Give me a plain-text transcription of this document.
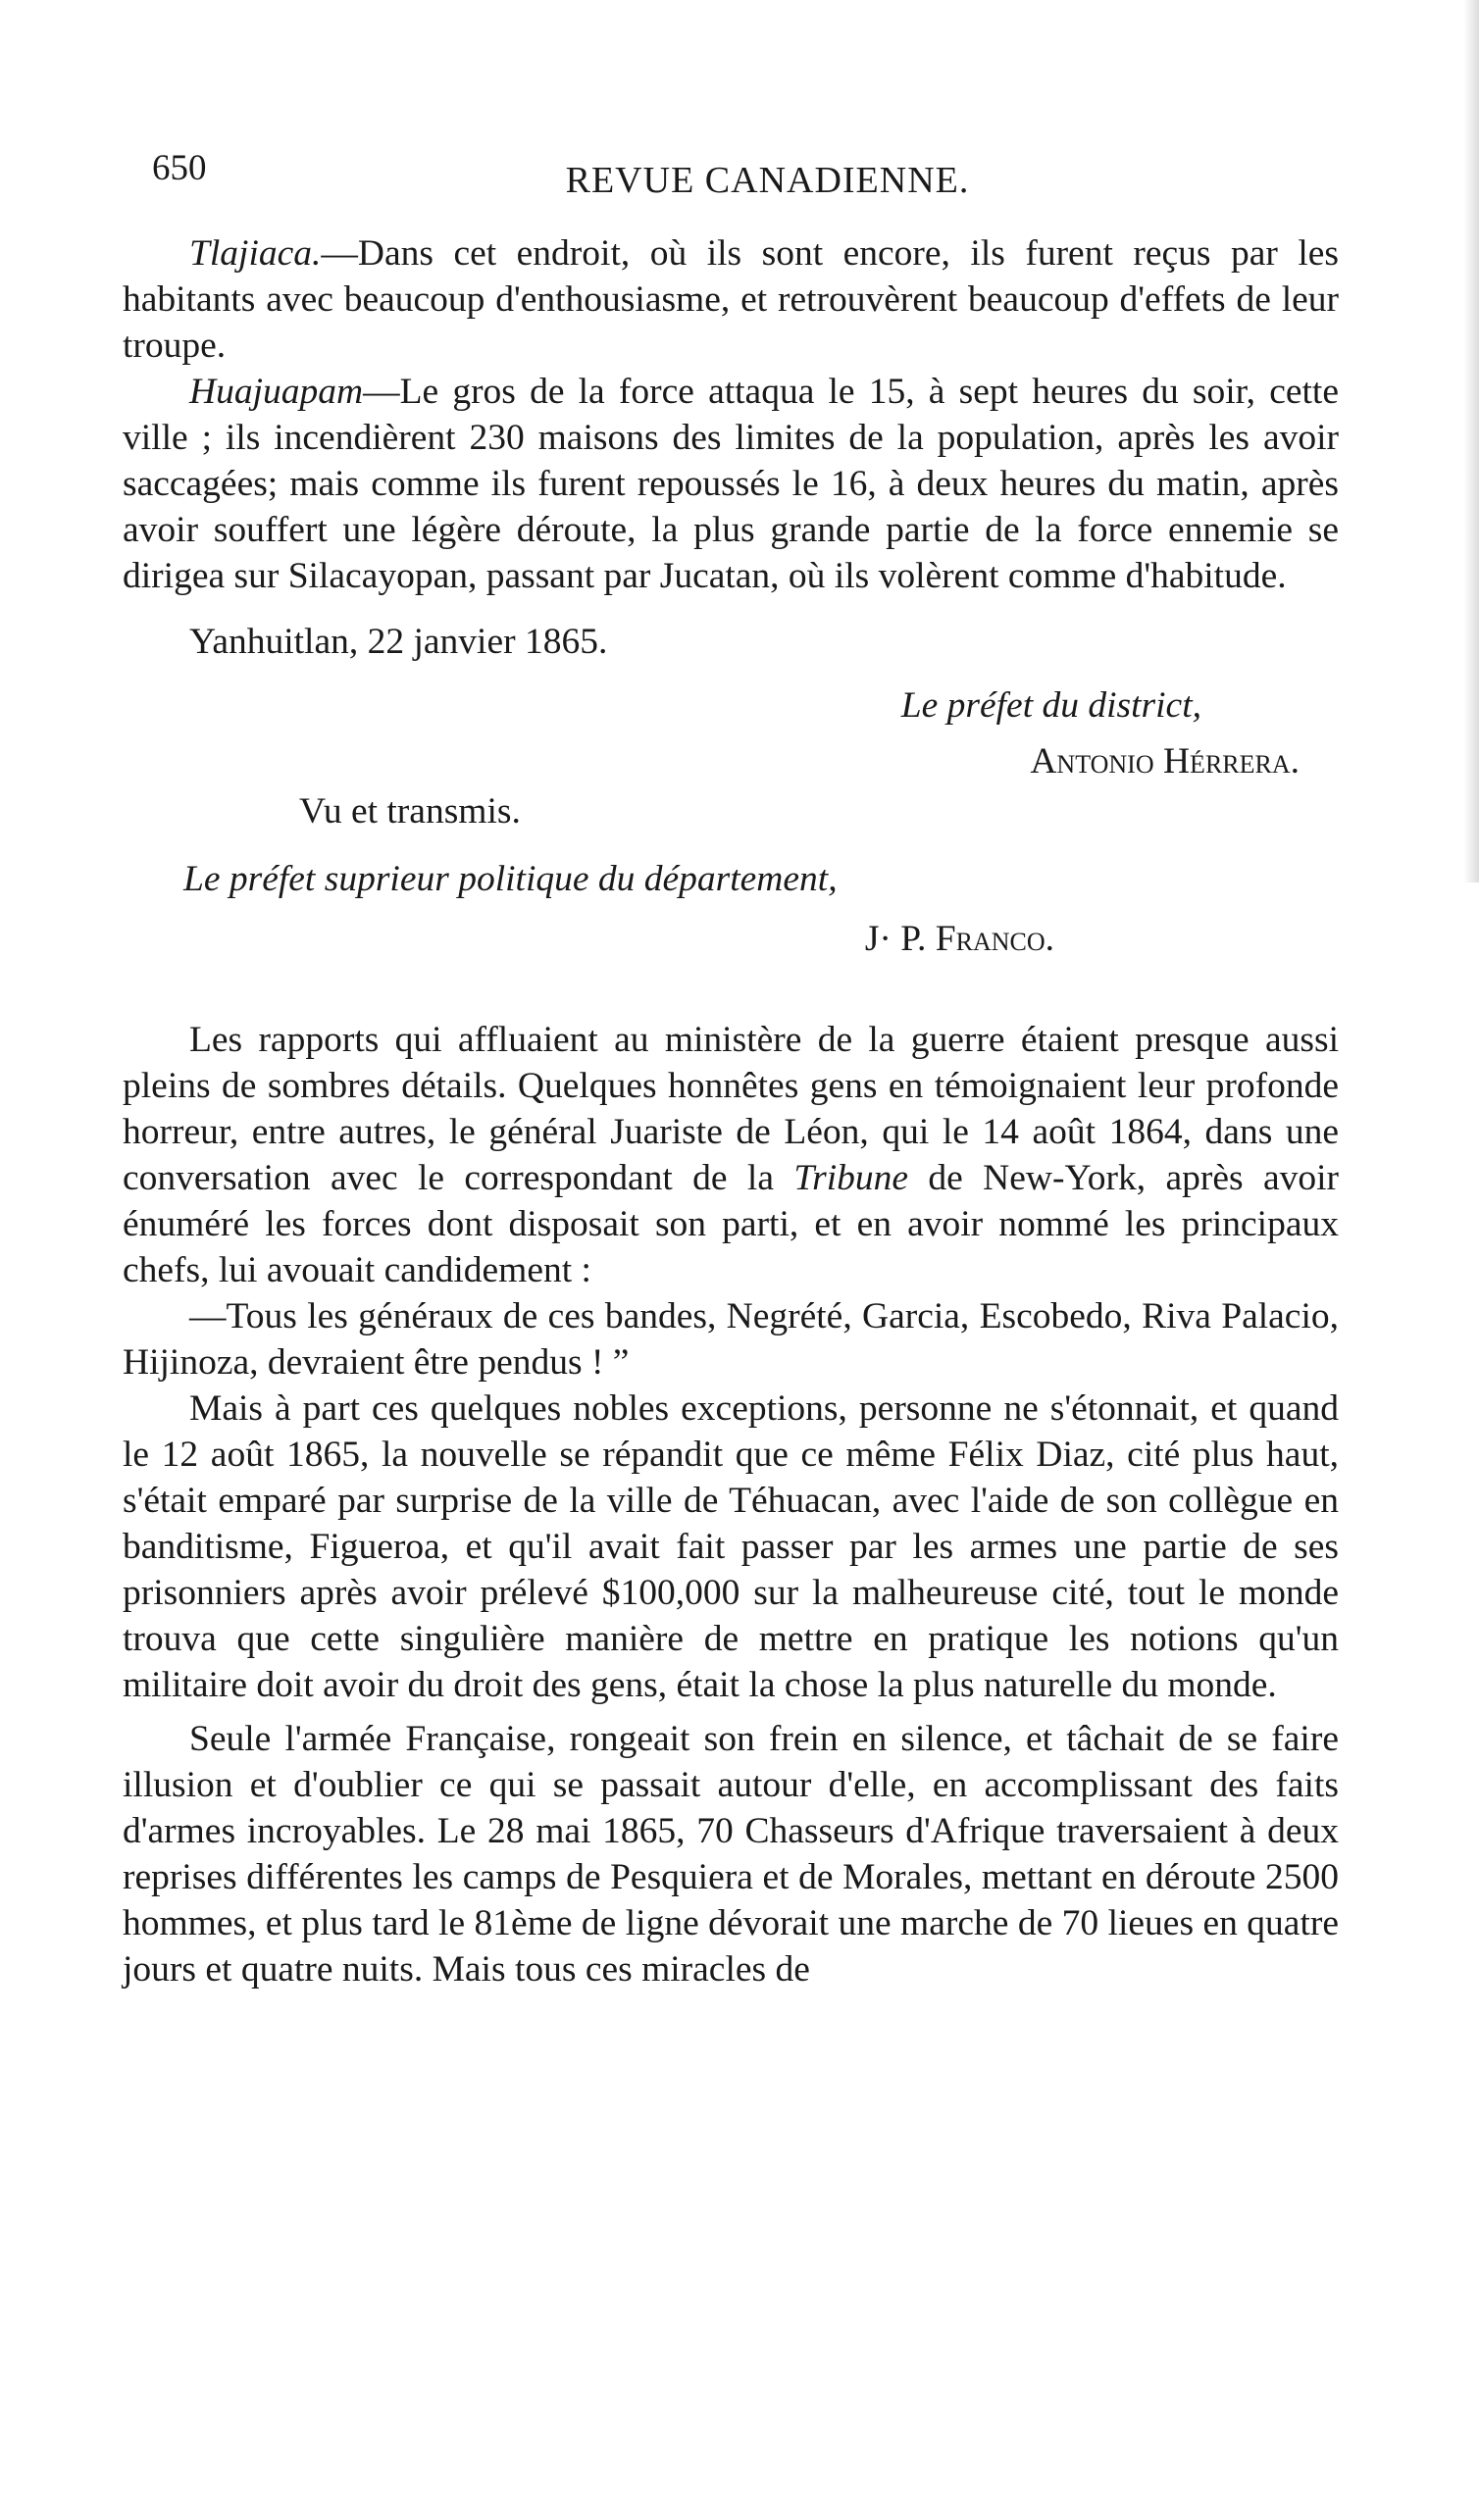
650	REVUE CANADIENNE.

Tlajiaca.—Dans cet endroit, où ils sont encore, ils furent reçus par les habitants avec beaucoup d'enthousiasme, et retrouvèrent beaucoup d'effets de leur troupe.

Huajuapam—Le gros de la force attaqua le 15, à sept heures du soir, cette ville ; ils incendièrent 230 maisons des limites de la population, après les avoir saccagées; mais comme ils furent repoussés le 16, à deux heures du matin, après avoir souffert une légère déroute, la plus grande partie de la force ennemie se dirigea sur Silacayopan, passant par Jucatan, où ils volèrent comme d'habitude.

Yanhuitlan, 22 janvier 1865.

Le préfet du district,

Antonio Hérrera.

Vu et transmis.

Le préfet suprieur politique du département,

J· P. Franco.

Les rapports qui affluaient au ministère de la guerre étaient presque aussi pleins de sombres détails. Quelques honnêtes gens en témoignaient leur profonde horreur, entre autres, le général Juariste de Léon, qui le 14 août 1864, dans une conversation avec le correspondant de la Tribune de New-York, après avoir énuméré les forces dont disposait son parti, et en avoir nommé les principaux chefs, lui avouait candidement :

—Tous les généraux de ces bandes, Negrété, Garcia, Escobedo, Riva Palacio, Hijinoza, devraient être pendus ! ”

Mais à part ces quelques nobles exceptions, personne ne s'étonnait, et quand le 12 août 1865, la nouvelle se répandit que ce même Félix Diaz, cité plus haut, s'était emparé par surprise de la ville de Téhuacan, avec l'aide de son collègue en banditisme, Figueroa, et qu'il avait fait passer par les armes une partie de ses prisonniers après avoir prélevé $100,000 sur la malheureuse cité, tout le monde trouva que cette singulière manière de mettre en pratique les notions qu'un militaire doit avoir du droit des gens, était la chose la plus naturelle du monde.

Seule l'armée Française, rongeait son frein en silence, et tâchait de se faire illusion et d'oublier ce qui se passait autour d'elle, en accomplissant des faits d'armes incroyables. Le 28 mai 1865, 70 Chasseurs d'Afrique traversaient à deux reprises différentes les camps de Pesquiera et de Morales, mettant en déroute 2500 hommes, et plus tard le 81ème de ligne dévorait une marche de 70 lieues en quatre jours et quatre nuits. Mais tous ces miracles de
